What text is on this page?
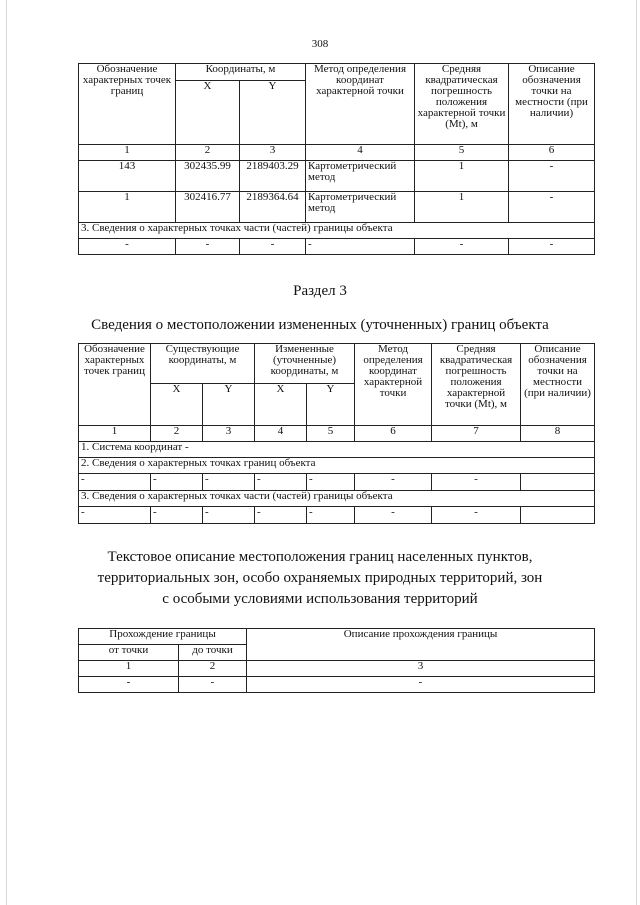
308
Обозначение характерных точек границ	Координаты, м		Метод определения координат характерной точки	Средняя квадратическая погрешность положения характерной точки (Mt), м	Описание обозначения точки на местности (при наличии)
	X	Y			
1	2	3	4	5	6
143	302435.99	2189403.29	Картометрический метод	1	-
1	302416.77	2189364.64	Картометрический метод	1	-
3. Сведения о характерных точках части (частей) границы объекта					
-	-	-	-	-	-
Раздел 3
Сведения о местоположении измененных (уточненных) границ объекта
Обозначение характерных точек границ	Существующие координаты, м		Измененные (уточненные) координаты, м		Метод определения координат характерной точки	Средняя квадратическая погрешность положения характерной точки (Mt), м	Описание обозначения точки на местности (при наличии)
	X	Y	X	Y			
1	2	3	4	5	6	7	8
1. Система координат -							
2. Сведения о характерных точках границ объекта							
-	-	-	-	-	-	-	
3. Сведения о характерных точках части (частей) границы объекта							
-	-	-	-	-	-	-	
Текстовое описание местоположения границ населенных пунктов,
территориальных зон, особо охраняемых природных территорий, зон
с особыми условиями использования территорий
Прохождение границы		Описание прохождения границы
от точки	до точки	
1	2	3
-	-	-
